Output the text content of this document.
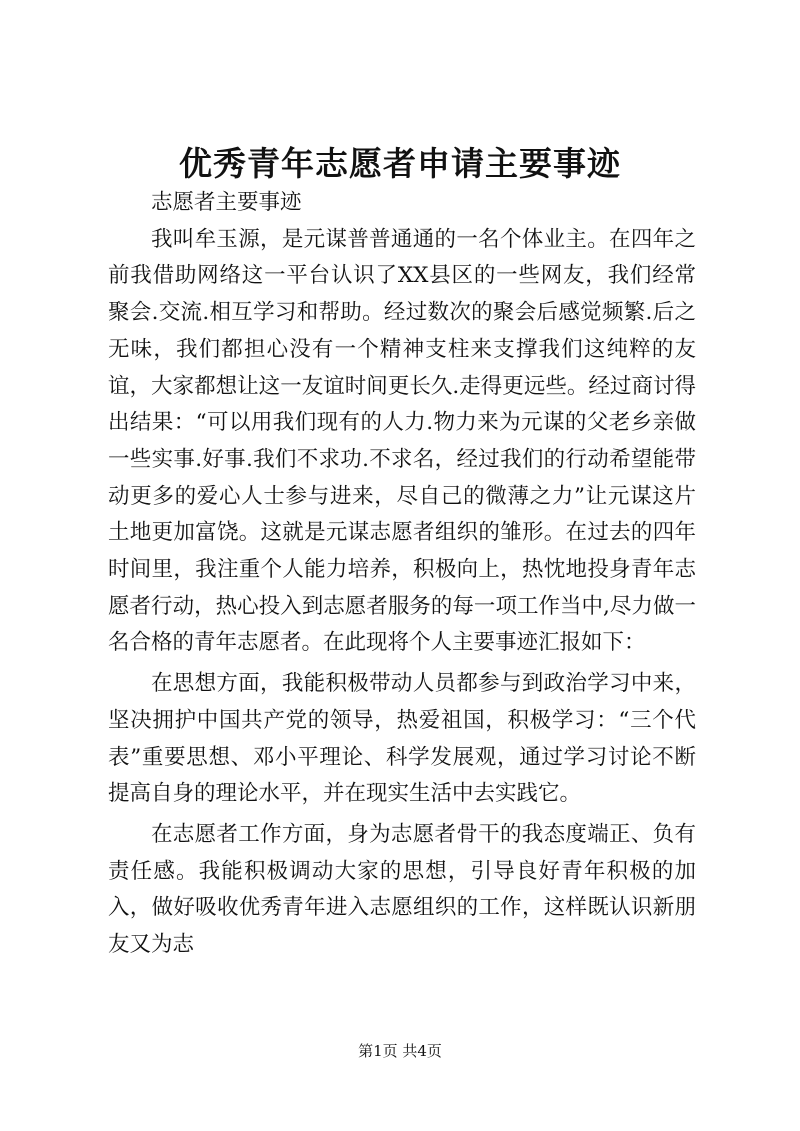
优秀青年志愿者申请主要事迹

志愿者主要事迹

我叫牟玉源，是元谋普普通通的一名个体业主。在四年之前我借助网络这一平台认识了XX县区的一些网友，我们经常聚会.交流.相互学习和帮助。经过数次的聚会后感觉频繁.后之无味，我们都担心没有一个精神支柱来支撑我们这纯粹的友谊，大家都想让这一友谊时间更长久.走得更远些。经过商讨得出结果：“可以用我们现有的人力.物力来为元谋的父老乡亲做一些实事.好事.我们不求功.不求名，经过我们的行动希望能带动更多的爱心人士参与进来，尽自己的微薄之力”让元谋这片土地更加富饶。这就是元谋志愿者组织的雏形。在过去的四年时间里，我注重个人能力培养，积极向上，热忱地投身青年志愿者行动，热心投入到志愿者服务的每一项工作当中,尽力做一名合格的青年志愿者。在此现将个人主要事迹汇报如下：

在思想方面，我能积极带动人员都参与到政治学习中来，坚决拥护中国共产党的领导，热爱祖国，积极学习：“三个代表”重要思想、邓小平理论、科学发展观，通过学习讨论不断提高自身的理论水平，并在现实生活中去实践它。

在志愿者工作方面，身为志愿者骨干的我态度端正、负有责任感。我能积极调动大家的思想，引导良好青年积极的加入，做好吸收优秀青年进入志愿组织的工作，这样既认识新朋友又为志

第1页 共4页
